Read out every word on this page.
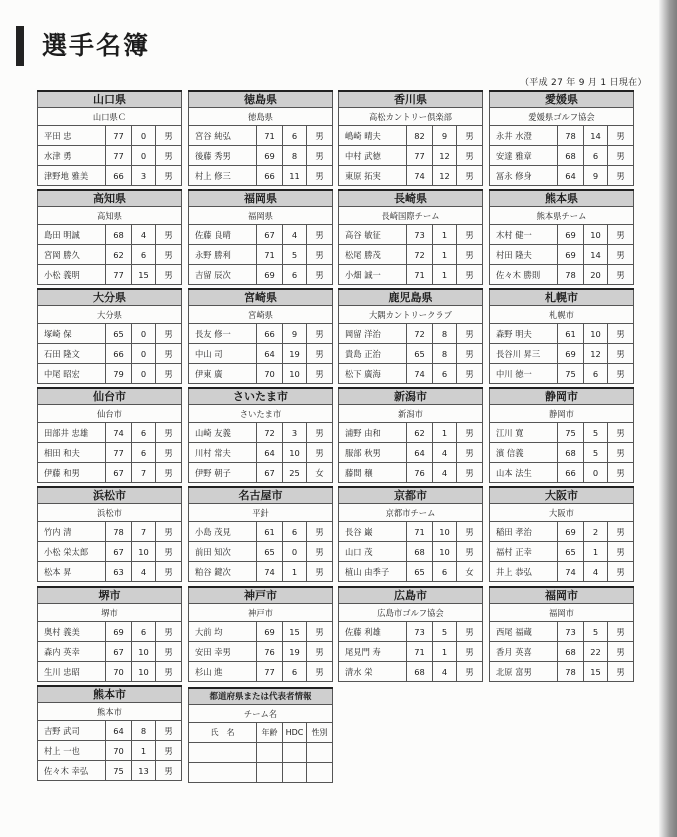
選手名簿
（平成 27 年 9 月 1 日現在）
山口県			
山口県Ｃ			
平田 忠	77	0	男
水津 勇	77	0	男
津野地 雅美	66	3	男
徳島県			
徳島県			
宮谷 純弘	71	6	男
後藤 秀男	69	8	男
村上 修三	66	11	男
香川県			
高松カントリー倶楽部			
嶋崎 晴夫	82	9	男
中村 武徳	77	12	男
東原 拓実	74	12	男
愛媛県			
愛媛県ゴルフ協会			
永井 水澄	78	14	男
安達 雅章	68	6	男
冨永 修身	64	9	男
高知県			
高知県			
島田 明誠	68	4	男
宮岡 勝久	62	6	男
小松 義明	77	15	男
福岡県			
福岡県			
佐藤 良晴	67	4	男
永野 勝利	71	5	男
吉留 辰次	69	6	男
長崎県			
長崎国際チーム			
高谷 敏征	73	1	男
松尾 勝茂	72	1	男
小畑 誠一	71	1	男
熊本県			
熊本県チーム			
木村 健一	69	10	男
村田 隆夫	69	14	男
佐々木 勝則	78	20	男
大分県			
大分県			
塚崎 保	65	0	男
石田 隆文	66	0	男
中尾 昭宏	79	0	男
宮崎県			
宮崎県			
長友 修一	66	9	男
中山 司	64	19	男
伊東 廣	70	10	男
鹿児島県			
大隅カントリークラブ			
岡留 洋治	72	8	男
貴島 正治	65	8	男
松下 廣海	74	6	男
札幌市			
札幌市			
森野 明夫	61	10	男
長谷川 昇三	69	12	男
中川 徳一	75	6	男
仙台市			
仙台市			
田部井 忠雄	74	6	男
相田 和夫	77	6	男
伊藤 和男	67	7	男
さいたま市			
さいたま市			
山崎 友義	72	3	男
川村 常夫	64	10	男
伊野 朝子	67	25	女
新潟市			
新潟市			
浦野 由和	62	1	男
服部 秋男	64	4	男
藤間 穣	76	4	男
静岡市			
静岡市			
江川 寛	75	5	男
濱 信義	68	5	男
山本 法生	66	0	男
浜松市			
浜松市			
竹内 清	78	7	男
小松 栄太郎	67	10	男
松本 昇	63	4	男
名古屋市			
平針			
小島 茂見	61	6	男
前田 知次	65	0	男
粕谷 鍵次	74	1	男
京都市			
京都市チーム			
長谷 巌	71	10	男
山口 茂	68	10	男
植山 由季子	65	6	女
大阪市			
大阪市			
稲田 孝治	69	2	男
福村 正幸	65	1	男
井上 恭弘	74	4	男
堺市			
堺市			
奥村 義美	69	6	男
森内 英幸	67	10	男
生川 忠昭	70	10	男
神戸市			
神戸市			
大前 均	69	15	男
安田 幸男	76	19	男
杉山 進	77	6	男
広島市			
広島市ゴルフ協会			
佐藤 利雄	73	5	男
尾見門 寿	71	1	男
清水 栄	68	4	男
福岡市			
福岡市			
西尾 福蔵	73	5	男
香月 英喜	68	22	男
北原 富男	78	15	男
熊本市			
熊本市			
吉野 武司	64	8	男
村上 一也	70	1	男
佐々木 幸弘	75	13	男
都道府県または代表者情報			
チーム名			
氏　名	年齢	HDC	性別
